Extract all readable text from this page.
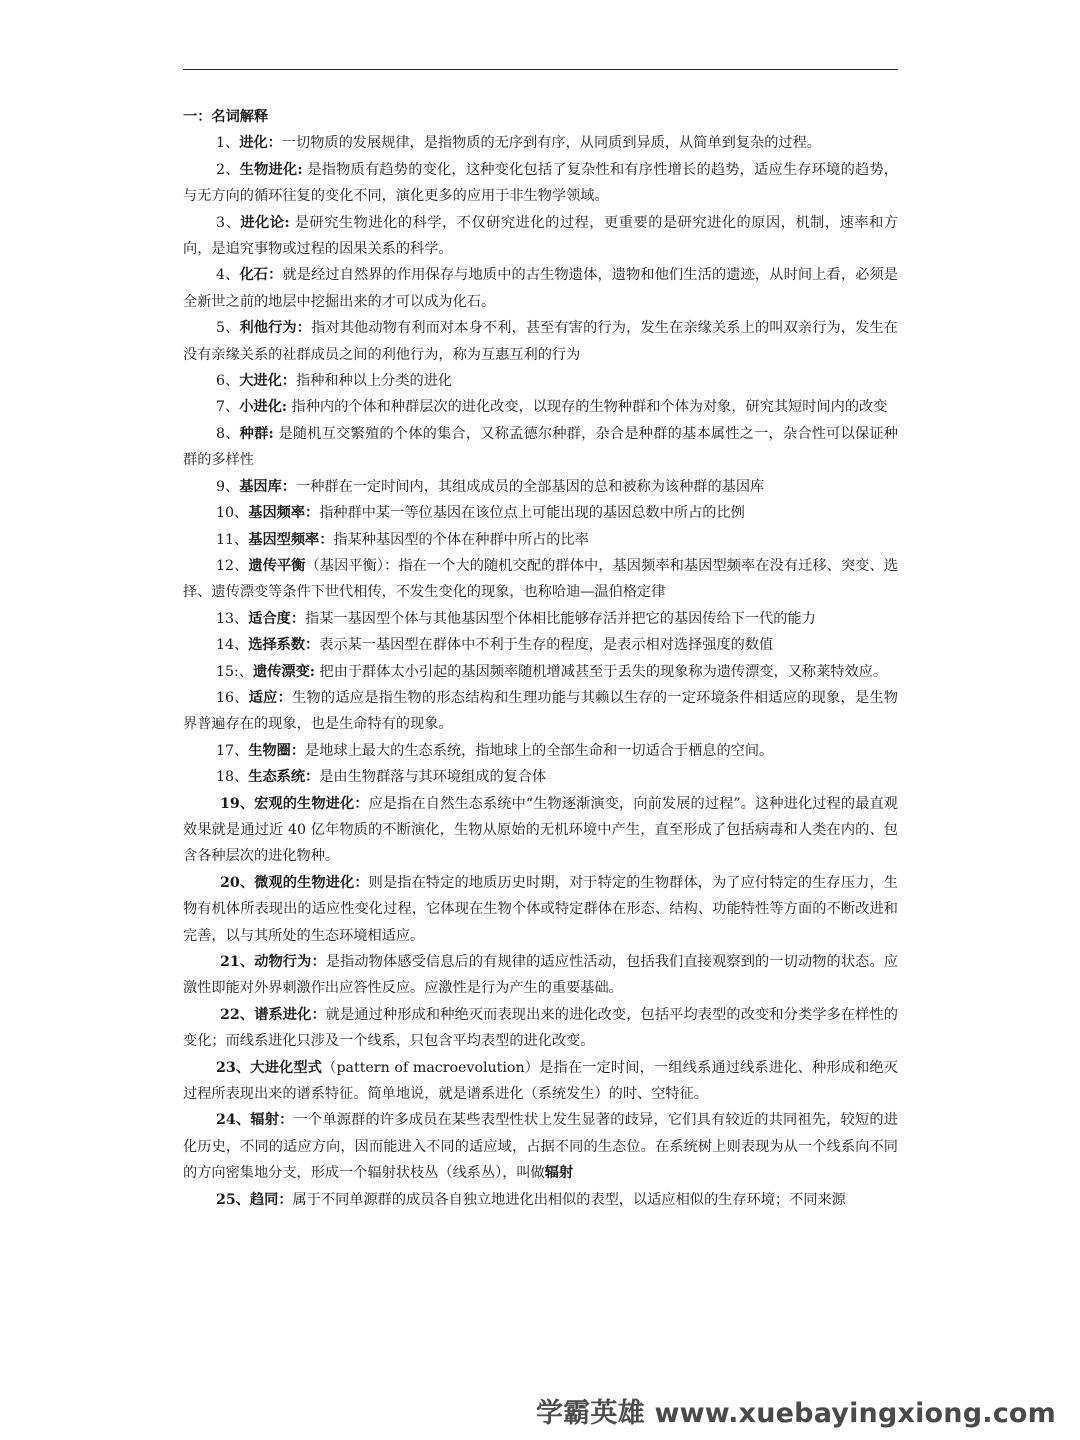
一：名词解释

1、进化：一切物质的发展规律，是指物质的无序到有序，从同质到异质，从简单到复杂的过程。

2、生物进化: 是指物质有趋势的变化，这种变化包括了复杂性和有序性增长的趋势，适应生存环境的趋势，与无方向的循环往复的变化不同，演化更多的应用于非生物学领域。

3、进化论: 是研究生物进化的科学，不仅研究进化的过程，更重要的是研究进化的原因，机制，速率和方向，是追究事物或过程的因果关系的科学。

4、化石：就是经过自然界的作用保存与地质中的古生物遗体，遗物和他们生活的遗迹，从时间上看，必须是全新世之前的地层中挖掘出来的才可以成为化石。

5、利他行为：指对其他动物有利而对本身不利，甚至有害的行为，发生在亲缘关系上的叫双亲行为，发生在没有亲缘关系的社群成员之间的利他行为，称为互惠互利的行为

6、大进化：指种和种以上分类的进化

7、小进化: 指种内的个体和种群层次的进化改变，以现存的生物种群和个体为对象，研究其短时间内的改变

8、种群: 是随机互交繁殖的个体的集合，又称孟德尔种群，杂合是种群的基本属性之一，杂合性可以保证种群的多样性

9、基因库：一种群在一定时间内，其组成成员的全部基因的总和被称为该种群的基因库

10、基因频率：指种群中某一等位基因在该位点上可能出现的基因总数中所占的比例

11、基因型频率：指某种基因型的个体在种群中所占的比率

12、遗传平衡（基因平衡）：指在一个大的随机交配的群体中，基因频率和基因型频率在没有迁移、突变、选择、遗传漂变等条件下世代相传，不发生变化的现象，也称哈迪—温伯格定律

13、适合度：指某一基因型个体与其他基因型个体相比能够存活并把它的基因传给下一代的能力

14、选择系数：表示某一基因型在群体中不利于生存的程度，是表示相对选择强度的数值

15:、遗传漂变: 把由于群体太小引起的基因频率随机增减甚至于丢失的现象称为遗传漂变，又称莱特效应。

16、适应：生物的适应是指生物的形态结构和生理功能与其赖以生存的一定环境条件相适应的现象，是生物界普遍存在的现象，也是生命特有的现象。

17、生物圈：是地球上最大的生态系统，指地球上的全部生命和一切适合于栖息的空间。

18、生态系统：是由生物群落与其环境组成的复合体

19、宏观的生物进化：应是指在自然生态系统中“生物逐渐演变，向前发展的过程”。这种进化过程的最直观效果就是通过近 40 亿年物质的不断演化，生物从原始的无机环境中产生，直至形成了包括病毒和人类在内的、包含各种层次的进化物种。

20、微观的生物进化：则是指在特定的地质历史时期，对于特定的生物群体，为了应付特定的生存压力，生物有机体所表现出的适应性变化过程，它体现在生物个体或特定群体在形态、结构、功能特性等方面的不断改进和完善，以与其所处的生态环境相适应。

21、动物行为：是指动物体感受信息后的有规律的适应性活动，包括我们直接观察到的一切动物的状态。应激性即能对外界刺激作出应答性反应。应激性是行为产生的重要基础。

22、谱系进化：就是通过种形成和种绝灭而表现出来的进化改变，包括平均表型的改变和分类学多在样性的变化；而线系进化只涉及一个线系，只包含平均表型的进化改变。

23、大进化型式（pattern of macroevolution）是指在一定时间，一组线系通过线系进化、种形成和绝灭过程所表现出来的谱系特征。简单地说，就是谱系进化（系统发生）的时、空特征。

24、辐射：一个单源群的许多成员在某些表型性状上发生显著的歧异，它们具有较近的共同祖先，较短的进化历史，不同的适应方向，因而能进入不同的适应域，占据不同的生态位。在系统树上则表现为从一个线系向不同的方向密集地分支，形成一个辐射状枝丛（线系丛），叫做辐射

25、趋同：属于不同单源群的成员各自独立地进化出相似的表型，以适应相似的生存环境；不同来源

学霸英雄 www.xuebayingxiong.com
